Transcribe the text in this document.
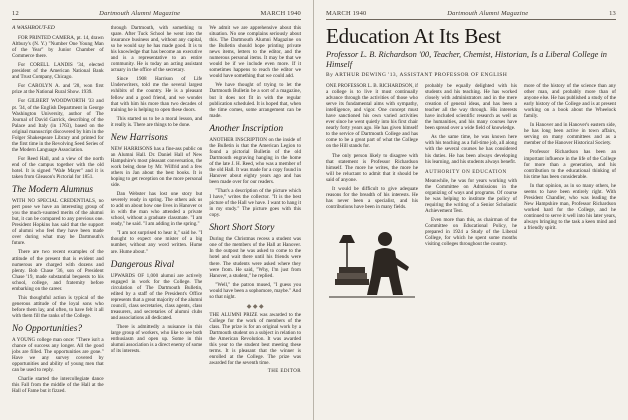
12	Dartmouth Alumni Magazine	MARCH 1940

A WASHBOUT-ED

FOR PRINTED CAMERA, pt. 14, drawn Altbury's (N. Y.) "Number One Young Man of the Year" by Junior Chamber of Commerce there.

For CORELL LANDIS '34, elected president of the American National Bank and Trust Company, Chicago.

For CAROLYN A. and '28, won first prize at the National Rural Show. 1939.

For GILBERT WOODWORTH '33 and pt. '34, of the English Department in George Washington University, author of The Journal of David Garrick, describing of the Palace and Italy (in 1763), based on the original manuscript discovered by him in the Folger Shakespeare Library and printed for the first time in the Revolving Seed Series of the Modern Language Association.

For Reed Hall, and a view of the north end of the campus together with the old hotel. It is signed "Wale Mayer" and it is taken from Gleason's Pictorial for 1851.

The Modern Alumnus

WITH NO SPECIAL CREDENTIALS, no pert pose we have an interesting group of you the much-vaunted merits of the alumni but, it can be compared to any previous one. President Hopkins has said that the support of alumni who feel they have been made over during what may be Dartmouth's future.

There are two recent examples of the attitude of the present that is evident and numerous are charged with dozens and plenty. Bob Chase '36, son of President Chase '19, made substantial bequests to his school, college, and fraternity before embarking on the career.

This thoughtful action is typical of the generous attitude of the loyal sons who before them lay, and often, to have felt it all with them fill the ranks of the College.

No Opportunities?

A YOUNG college man once: "There isn't a chance of success any longer. All the good jobs are filled. The opportunities are gone." Have we any survey covered by opportunities and ability of young men that can be used to reply.

Charlie started the intercollegiate dance this Fall from the middle of the Hall at the Hall of Fame but it fizzed.

through Dartmouth, with something to spare. After Tuck School he went into the insurance business and, without any capital, so he would say he has made good. It is to his knowledge that has become an executive and is a representative to an entire community. He is today an acting assistant actuary in the office of the secretary.

Since 1908 Harrison of Life Underwriters, told me the several largest exhibits of the country. He is a pleasant fellow and a good friend, and we wonder that with him his more than two decades of training he is helping to open these doors.

This started us to be a moral lesson, and it really is. There are things to be done.

New Harrisons

NEW HARRISONS has a fine-ass public on an Alumni Hall. Dr. Daniel Hall of New Hampshire's most pleasant conversation, the work being done by Mr. Wilfrid and a few others in Jan about the best books. It is hoping to get reception on the more personal side.

Dan Webster has lost one story but severely ready in spring. The others ask us to add on about how one lives in Hanover or in with the man who attended a private school, without a graduate classmate. "I am ready," he said. "I am adding in the spring."

"I am not surprised to hear it," said he. "I thought to expect one mister of a big number, without any word written. Hume are. Hume about."

Dangerous Rival

UPWARDS OF 1,000 alumni are actively engaged in work for the College. The circulation of The Dartmouth Bulletin, edited by a staff of the President's Office represents that a great majority of the alumni council, class secretaries, class agents, class treasurers, and secretaries of alumni clubs and associations all dedicated.

There is admittedly a nuisance in this large group of workers, who like to see both enthusiasm and open up. Some in this alumni association is a direct enemy of some of its interests.

We admit we are apprehensive about this situation. No one complains seriously about this. The Dartmouth Alumni Magazine on the Bulletin should hope printing private news items, letters to the editor, and the numerous personal items. It may be that we would be if we include even more. If it sometimes happens to reach the editor we would have something that we could add.

We have thought of trying to let the Dartmouth Bulletin be a sort of a magazine, but it does not fit in with the regular publication scheduled. It is hoped that, when the time comes, some arrangement can be made.

Another Inscription

ANOTHER INSCRIPTION on the inside of the Bulletin is that the American Legion to found a pictorial Bulletin of the old Dartmouth engraving hanging in the home of the late J. H. Reed, who was a member of the old Hall. It was made for a copy found in Hanover about eighty years ago and has been made over for our readers.

"That's a description of the picture which I have," writes the collector. "It is the best picture of the Hall we have. I want to hang it in my study." The picture goes with this copy.

Short Short Story

During the Christmas recess a student was one of the members of the Hall at Hanover. In the outpost he was asked to come to the hotel and wait there until his friends were there. The students were asked where they were from. He said, "Why, I'm just from Hanover, a student," he replied.

"Well," the patron mused, "I guess you would have been a sophomore, maybe." And so that night.

◆ ◆ ◆

THE ALUMNI PRIZE was awarded to the College for the work of members of the class. The prize is for an original work by a Dartmouth student on a subject in relation to the American Revolution. It was awarded this year to the student best meeting these terms. It is pleasant that the winner is enrolled at the College. The prize was awarded for the seventh time.

THE EDITOR
MARCH 1940	Dartmouth Alumni Magazine	13
Education At Its Best
Professor L. B. Richardson '00, Teacher, Chemist, Historian, Is a Liberal College in Himself
By ARTHUR DEWING '13, ASSISTANT PROFESSOR OF ENGLISH

ONE PROFESSOR L. B. RICHARDSON, if a college is to live it must continually advance through the activities of those who serve its fundamental aims with sympathy, intelligence, and vigor. One concept must have sanctioned his own varied activities ever since he went quietly into his first chair nearly forty years ago. He has given himself to the service of Dartmouth College and has come to be a great part of what the College on the Hill stands for.

The only person likely to disagree with that statement is Professor Richardson himself. The more he writes, the more he will be reluctant to admit that it should be said of anyone.

It would be difficult to give adequate reasons for the breadth of his interests. He has never been a specialist, and his contributions have been in many fields.

probably be equally delighted with his students and his teaching. He has worked closely with administrators and in the mere creation of general ideas, and has been a teacher all the way through. His interests have included scientific research as well as the humanities, and his many courses have been spread over a wide field of knowledge.

As the same time, he was known here with his teaching as a full-time job, all along with the several courses he has considered his duties. He has been always developing his learning, and his students always benefit.

AUTHORITY ON EDUCATION

Meanwhile, he was for years working with the Committee on Admissions in the organizing of ways and programs. Of course he was helping to institute the policy of requiring the writing of a Senior Scholastic Achievement Test.

Even more than this, as chairman of the Committee on Educational Policy, he prepared in 1924 a Study of the Liberal College, for which he spent some months visiting colleges throughout the country.

more of the history of the science than any other man, and probably more than of anyone else. He has published a study of the early history of the College and is at present working on a book about the Wheelock family.

In Hanover and in Hanover's eastern side, he has long been active in town affairs, serving on many committees and as a member of the Hanover Historical Society.

Professor Richardson has been an important influence in the life of the College for more than a generation, and his contribution to the educational thinking of his time has been considerable.

In that opinion, as in so many others, he seems to have been entirely right. With President Chandler, who was leading the New Hampshire man, Professor Richardson worked hard for the College, and he continued to serve it well into his later years, always bringing to the task a keen mind and a friendly spirit.
